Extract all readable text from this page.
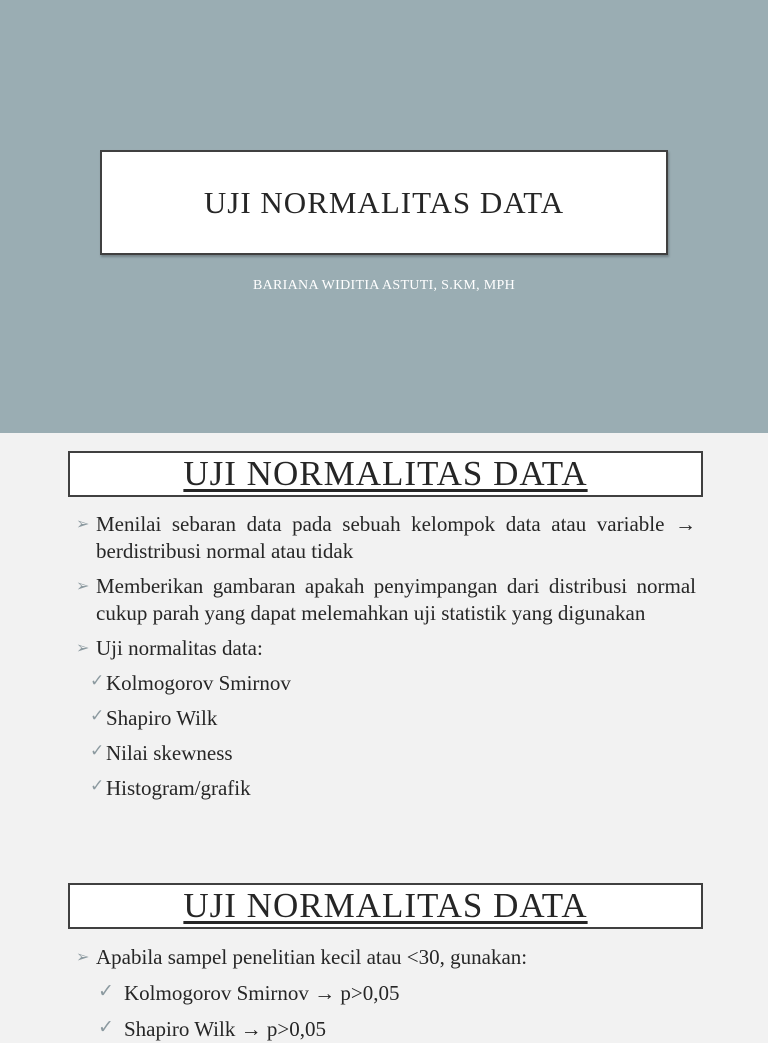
UJI NORMALITAS DATA
BARIANA WIDITIA ASTUTI, S.KM, MPH
UJI NORMALITAS DATA
➢ Menilai sebaran data pada sebuah kelompok data atau variable → berdistribusi normal atau tidak
➢ Memberikan gambaran apakah penyimpangan dari distribusi normal cukup parah yang dapat melemahkan uji statistik yang digunakan
➢ Uji normalitas data:
✓ Kolmogorov Smirnov
✓ Shapiro Wilk
✓ Nilai skewness
✓ Histogram/grafik
UJI NORMALITAS DATA
➢ Apabila sampel penelitian kecil atau <30, gunakan:
✓ Kolmogorov Smirnov → p>0,05
✓ Shapiro Wilk → p>0,05
